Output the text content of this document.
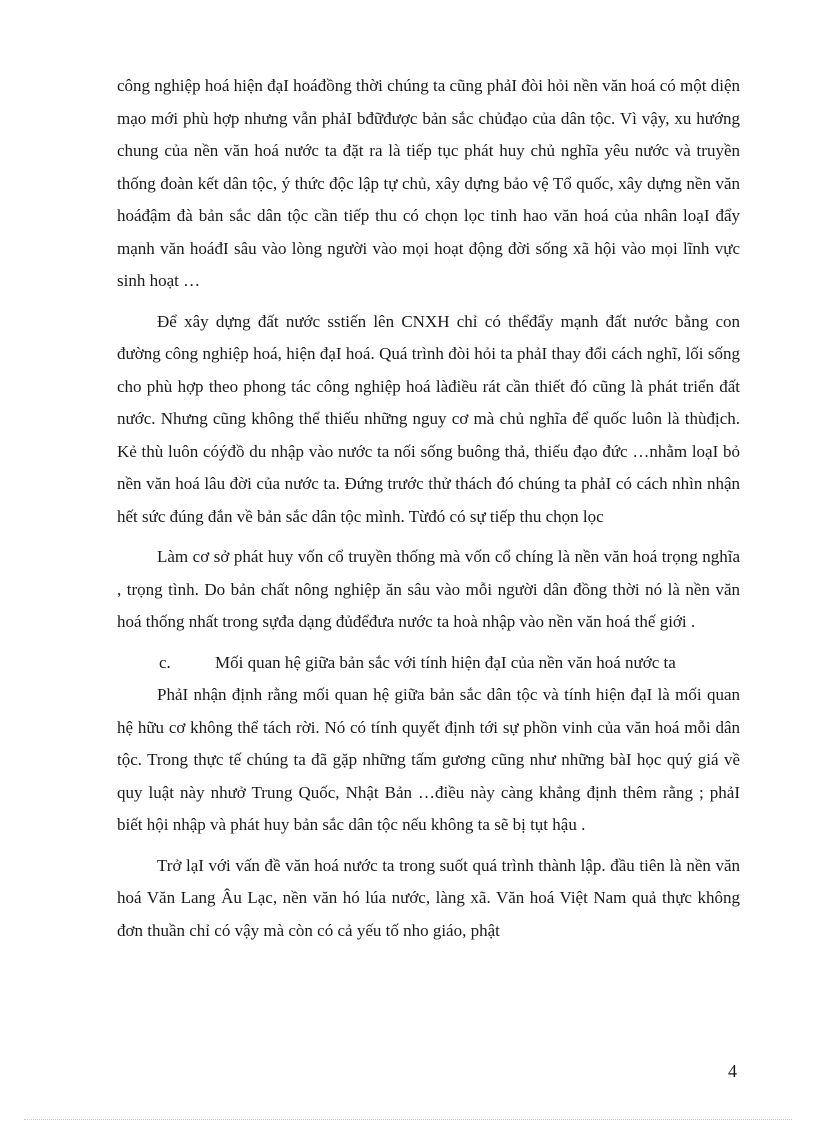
công nghiệp hoá hiện đạI hoáđồng thời chúng ta cũng phảI đòi hỏi nền văn hoá có một diện mạo mới phù hợp nhưng vẫn phảI bđữđược bản sắc chủđạo của dân tộc. Vì vậy, xu hướng chung của nền văn hoá nước ta đặt ra là tiếp tục phát huy chủ nghĩa yêu nước và truyền thống đoàn kết dân tộc, ý thức độc lập tự chủ, xây dựng bảo vệ Tổ quốc, xây dựng nền văn hoáđậm đà bản sắc dân tộc cần tiếp thu có chọn lọc tinh hao văn hoá của nhân loạI đẩy mạnh văn hoáđI sâu vào lòng người vào mọi hoạt động đời sống xã hội vào mọi lĩnh vực sinh hoạt …

Để xây dựng đất nước sstiến lên CNXH chỉ có thểđẩy mạnh đất nước bằng con đường công nghiệp hoá, hiện đạI hoá. Quá trình đòi hỏi ta phảI thay đổi cách nghĩ, lối sống cho phù hợp theo phong tác công nghiệp hoá làđiều rát cần thiết đó cũng là phát triển đất nước. Nhưng cũng không thể thiếu những nguy cơ mà chủ nghĩa để quốc luôn là thùđịch. Kẻ thù luôn cóýđồ du nhập vào nước ta nối sống buông thả, thiếu đạo đức …nhằm loạI bỏ nền văn hoá lâu đời của nước ta. Đứng trước thử thách đó chúng ta phảI có cách nhìn nhận hết sức đúng đắn về bản sắc dân tộc mình. Từđó có sự tiếp thu chọn lọc

Làm cơ sở phát huy vốn cổ truyền thống mà vốn cổ chíng là nền văn hoá trọng nghĩa , trọng tình. Do bản chất nông nghiệp ăn sâu vào mỗi người dân đồng thời nó là nền văn hoá thống nhất trong sựđa dạng đủđểđưa nước ta hoà nhập vào nền văn hoá thế giới .

c.	Mối quan hệ giữa bản sắc với tính hiện đạI của nền văn hoá nước ta

PhảI nhận định rằng mối quan hệ giữa bản sắc dân tộc và tính hiện đạI là mối quan hệ hữu cơ không thể tách rời. Nó có tính quyết định tới sự phồn vinh của văn hoá mỗi dân tộc. Trong thực tế chúng ta đã gặp những tấm gương cũng như những bàI học quý giá về quy luật này nhưở Trung Quốc, Nhật Bản …điều này càng khẳng định thêm rằng ; phảI biết hội nhập và phát huy bản sắc dân tộc nếu không ta sẽ bị tụt hậu .

Trở lạI với vấn đề văn hoá nước ta trong suốt quá trình thành lập. đầu tiên là nền văn hoá Văn Lang Âu Lạc, nền văn hó lúa nước, làng xã. Văn hoá Việt Nam quả thực không đơn thuần chỉ có vậy mà còn có cả yếu tố nho giáo, phật

4
